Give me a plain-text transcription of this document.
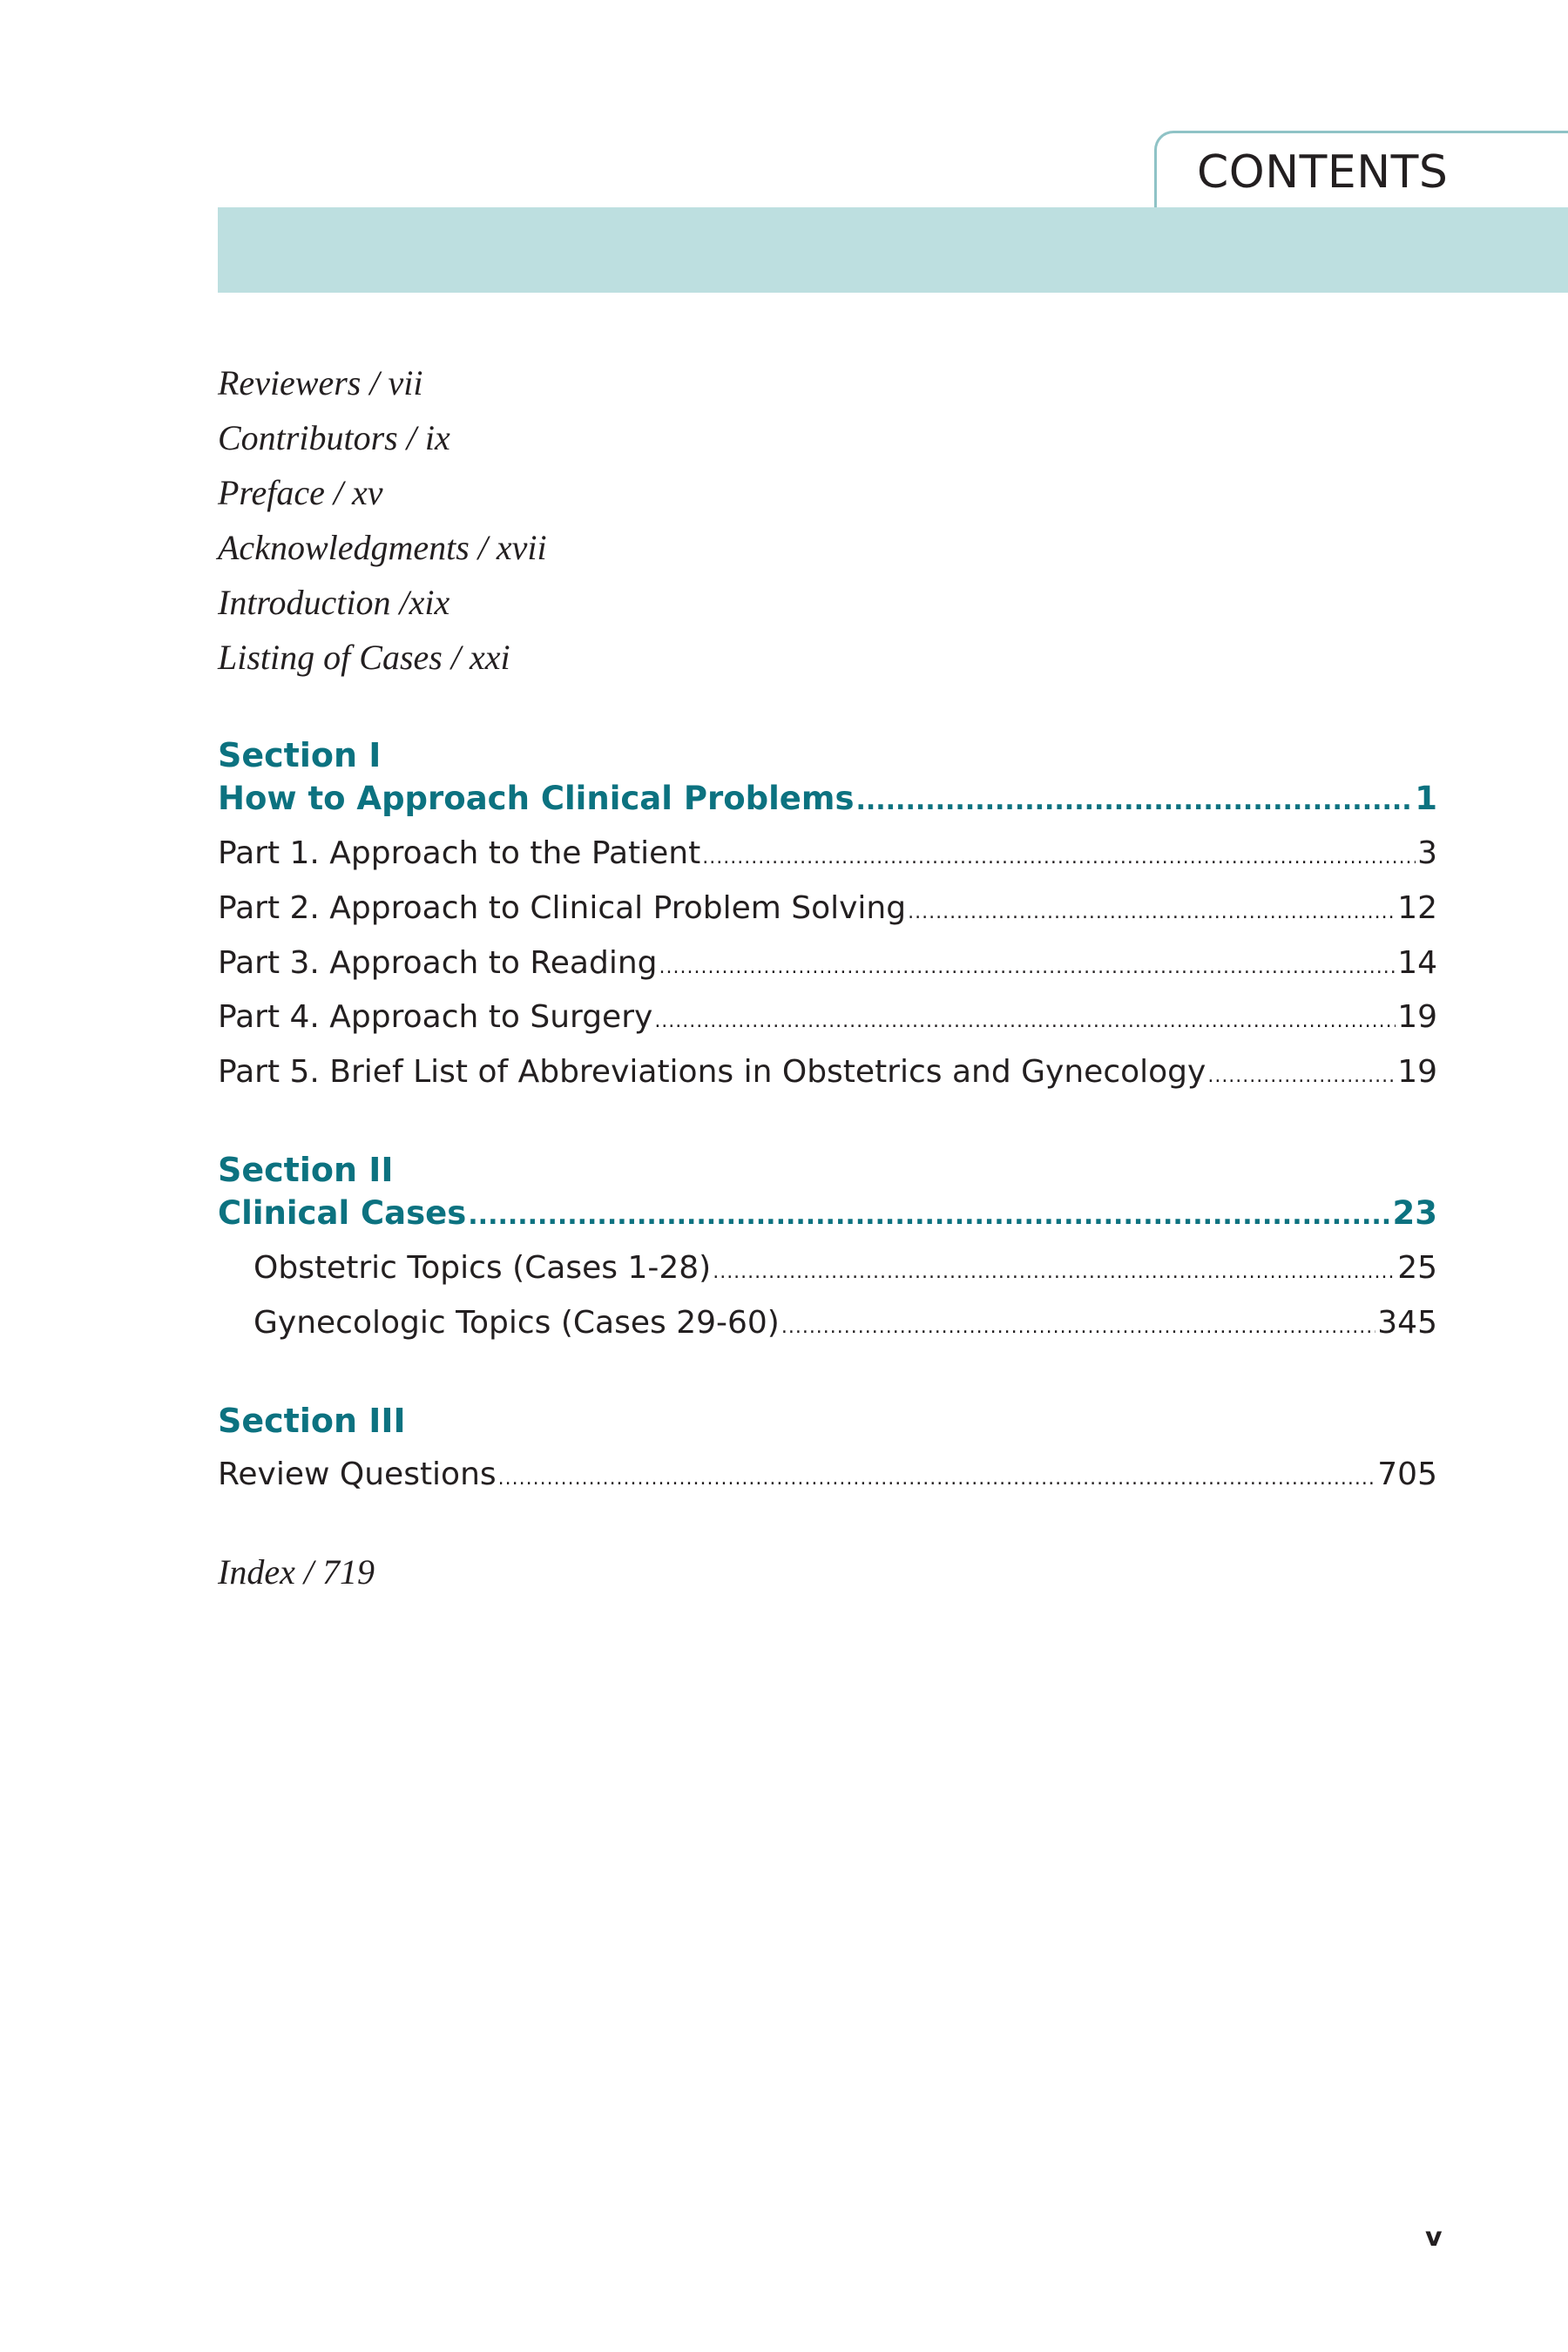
CONTENTS
Reviewers / vii
Contributors / ix
Preface / xv
Acknowledgments / xvii
Introduction /xix
Listing of Cases / xxi
Section I
How to Approach Clinical Problems .....	1
Part 1. Approach to the Patient .....	3
Part 2. Approach to Clinical Problem Solving .....	12
Part 3. Approach to Reading .....	14
Part 4. Approach to Surgery .....	19
Part 5. Brief List of Abbreviations in Obstetrics and Gynecology .....	19
Section II
Clinical Cases .....	23
Obstetric Topics (Cases 1-28) .....	25
Gynecologic Topics (Cases 29-60) .....	345
Section III
Review Questions .....	705
Index / 719
v
